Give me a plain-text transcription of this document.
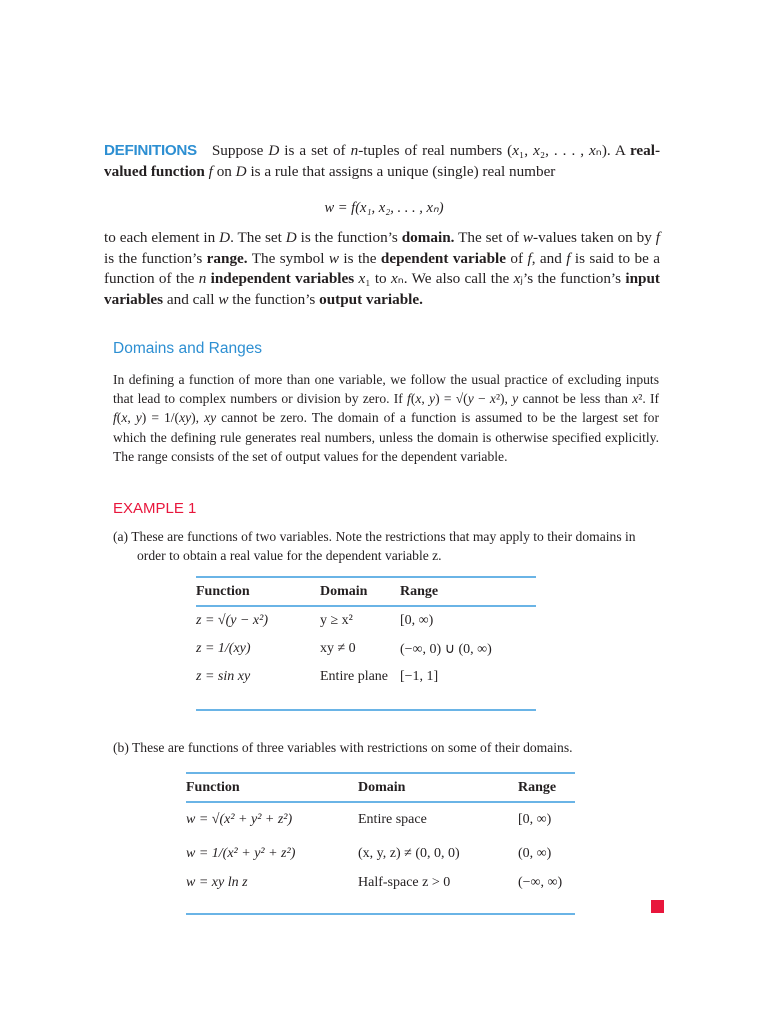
DEFINITIONS Suppose D is a set of n-tuples of real numbers (x₁, x₂, . . . , xₙ). A real-valued function f on D is a rule that assigns a unique (single) real number
w = f(x₁, x₂, . . . , xₙ)
to each element in D. The set D is the function’s domain. The set of w-values taken on by f is the function’s range. The symbol w is the dependent variable of f, and f is said to be a function of the n independent variables x₁ to xₙ. We also call the xⱼ’s the function’s input variables and call w the function’s output variable.
Domains and Ranges
In defining a function of more than one variable, we follow the usual practice of excluding inputs that lead to complex numbers or division by zero. If f(x, y) = √(y − x²), y cannot be less than x². If f(x, y) = 1/(xy), xy cannot be zero. The domain of a function is assumed to be the largest set for which the defining rule generates real numbers, unless the domain is otherwise specified explicitly. The range consists of the set of output values for the dependent variable.
EXAMPLE 1
(a) These are functions of two variables. Note the restrictions that may apply to their domains in order to obtain a real value for the dependent variable z.
Function	Domain	Range
z = √(y − x²)	y ≥ x²	[0, ∞)
z = 1/(xy)	xy ≠ 0	(−∞, 0) ∪ (0, ∞)
z = sin xy	Entire plane	[−1, 1]
(b) These are functions of three variables with restrictions on some of their domains.
Function	Domain	Range
w = √(x² + y² + z²)	Entire space	[0, ∞)
w = 1/(x² + y² + z²)	(x, y, z) ≠ (0, 0, 0)	(0, ∞)
w = xy ln z	Half-space z > 0	(−∞, ∞)
